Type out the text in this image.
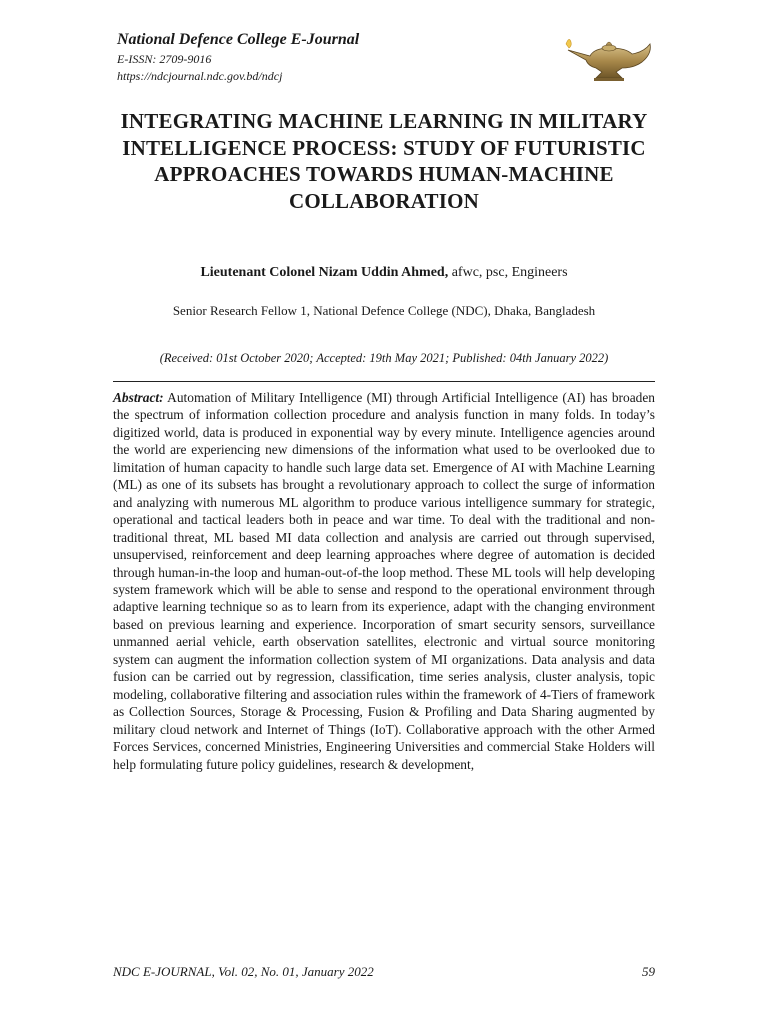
National Defence College E-Journal
E-ISSN: 2709-9016
https://ndcjournal.ndc.gov.bd/ndcj
INTEGRATING MACHINE LEARNING IN MILITARY INTELLIGENCE PROCESS: STUDY OF FUTURISTIC APPROACHES TOWARDS HUMAN-MACHINE COLLABORATION
Lieutenant Colonel Nizam Uddin Ahmed, afwc, psc, Engineers
Senior Research Fellow 1, National Defence College (NDC), Dhaka, Bangladesh
(Received: 01st October 2020; Accepted: 19th May 2021; Published: 04th January 2022)
Abstract: Automation of Military Intelligence (MI) through Artificial Intelligence (AI) has broaden the spectrum of information collection procedure and analysis function in many folds. In today’s digitized world, data is produced in exponential way by every minute. Intelligence agencies around the world are experiencing new dimensions of the information what used to be overlooked due to limitation of human capacity to handle such large data set. Emergence of AI with Machine Learning (ML) as one of its subsets has brought a revolutionary approach to collect the surge of information and analyzing with numerous ML algorithm to produce various intelligence summary for strategic, operational and tactical leaders both in peace and war time. To deal with the traditional and non-traditional threat, ML based MI data collection and analysis are carried out through supervised, unsupervised, reinforcement and deep learning approaches where degree of automation is decided through human-in-the loop and human-out-of-the loop method. These ML tools will help developing system framework which will be able to sense and respond to the operational environment through adaptive learning technique so as to learn from its experience, adapt with the changing environment based on previous learning and experience. Incorporation of smart security sensors, surveillance unmanned aerial vehicle, earth observation satellites, electronic and virtual source monitoring system can augment the information collection system of MI organizations. Data analysis and data fusion can be carried out by regression, classification, time series analysis, cluster analysis, topic modeling, collaborative filtering and association rules within the framework of 4-Tiers of framework as Collection Sources, Storage & Processing, Fusion & Profiling and Data Sharing augmented by military cloud network and Internet of Things (IoT). Collaborative approach with the other Armed Forces Services, concerned Ministries, Engineering Universities and commercial Stake Holders will help formulating future policy guidelines, research & development,
NDC E-JOURNAL, Vol. 02, No. 01, January 2022	59
